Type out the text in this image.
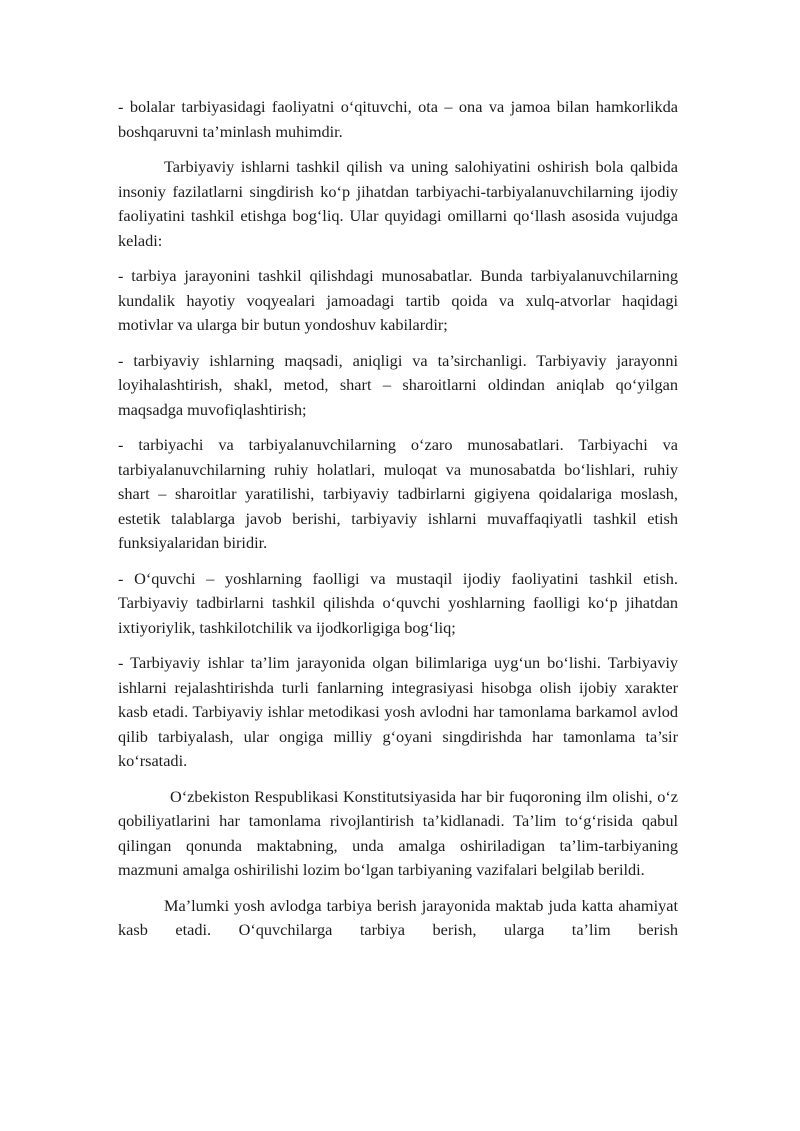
- bolalar tarbiyasidagi faoliyatni o‘qituvchi, ota – ona va jamoa bilan hamkorlikda boshqaruvni ta’minlash muhimdir.

Tarbiyaviy ishlarni tashkil qilish va uning salohiyatini oshirish bola qalbida insoniy fazilatlarni singdirish ko‘p jihatdan tarbiyachi-tarbiyalanuvchilarning ijodiy faoliyatini tashkil etishga bog‘liq. Ular quyidagi omillarni qo‘llash asosida vujudga keladi:

- tarbiya jarayonini tashkil qilishdagi munosabatlar. Bunda tarbiyalanuvchilarning kundalik hayotiy voqyealari jamoadagi tartib qoida va xulq-atvorlar haqidagi motivlar va ularga bir butun yondoshuv kabilardir;

- tarbiyaviy ishlarning maqsadi, aniqligi va ta’sirchanligi. Tarbiyaviy jarayonni loyihalashtirish, shakl, metod, shart – sharoitlarni oldindan aniqlab qo‘yilgan maqsadga muvofiqlashtirish;

- tarbiyachi va tarbiyalanuvchilarning o‘zaro munosabatlari. Tarbiyachi va tarbiyalanuvchilarning ruhiy holatlari, muloqat va munosabatda bo‘lishlari, ruhiy shart – sharoitlar yaratilishi, tarbiyaviy tadbirlarni gigiyena qoidalariga moslash, estetik talablarga javob berishi, tarbiyaviy ishlarni muvaffaqiyatli tashkil etish funksiyalaridan biridir.

- O‘quvchi – yoshlarning faolligi va mustaqil ijodiy faoliyatini tashkil etish. Tarbiyaviy tadbirlarni tashkil qilishda o‘quvchi yoshlarning faolligi ko‘p jihatdan ixtiyoriylik, tashkilotchilik va ijodkorligiga bog‘liq;

- Tarbiyaviy ishlar ta’lim jarayonida olgan bilimlariga uyg‘un bo‘lishi. Tarbiyaviy ishlarni rejalashtirishda turli fanlarning integrasiyasi hisobga olish ijobiy xarakter kasb etadi. Tarbiyaviy ishlar metodikasi yosh avlodni har tamonlama barkamol avlod qilib tarbiyalash, ular ongiga milliy g‘oyani singdirishda har tamonlama ta’sir ko‘rsatadi.

O‘zbekiston Respublikasi Konstitutsiyasida har bir fuqoroning ilm olishi, o‘z qobiliyatlarini har tamonlama rivojlantirish ta’kidlanadi. Ta’lim to‘g‘risida qabul qilingan qonunda maktabning, unda amalga oshiriladigan ta’lim-tarbiyaning mazmuni amalga oshirilishi lozim bo‘lgan tarbiyaning vazifalari belgilab berildi.

Ma’lumki yosh avlodga tarbiya berish jarayonida maktab juda katta ahamiyat kasb etadi. O‘quvchilarga tarbiya berish, ularga ta’lim berish
